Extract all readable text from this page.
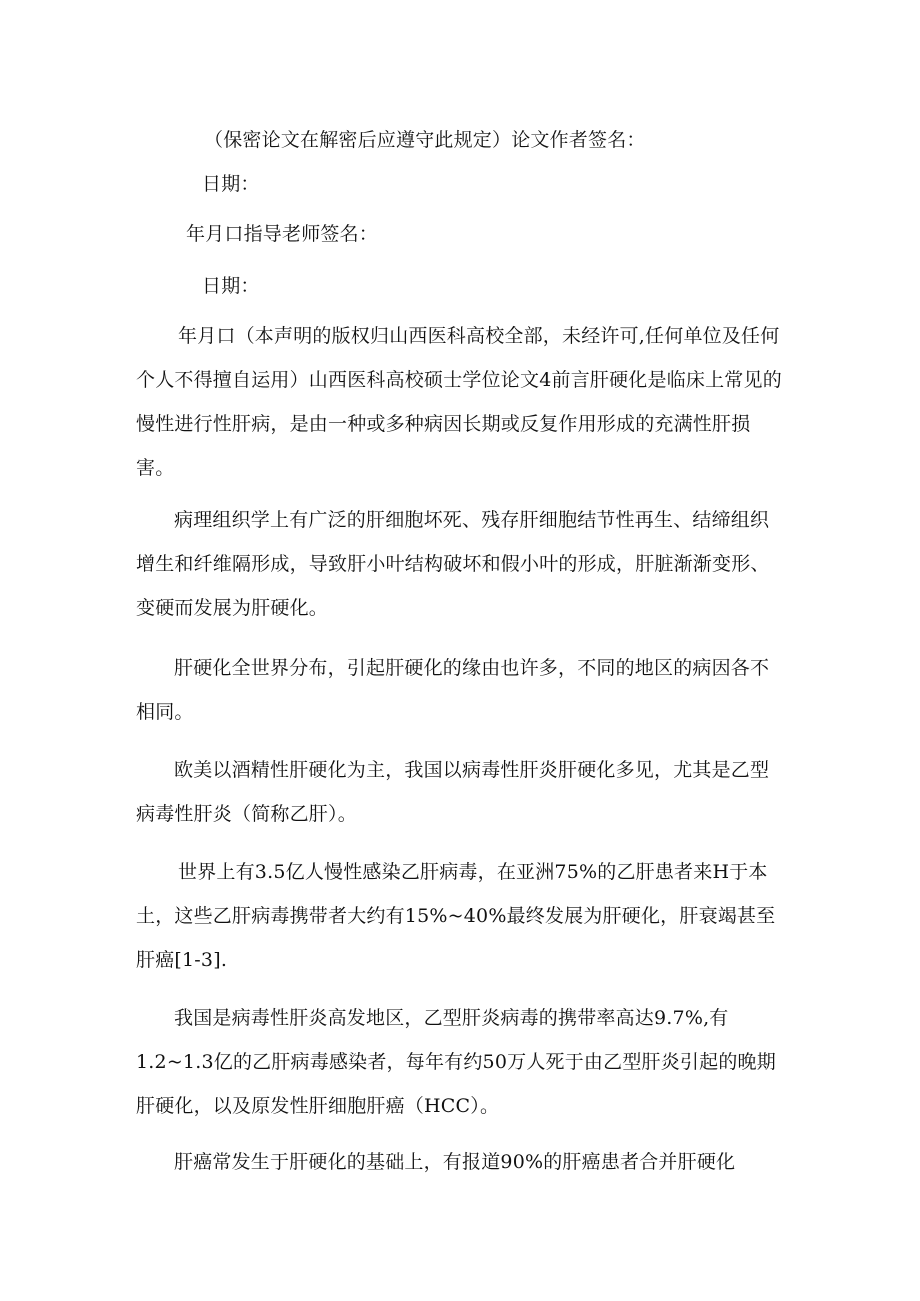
（保密论文在解密后应遵守此规定）论文作者签名：

日期：

年月口指导老师签名：

日期：

年月口（本声明的版权归山西医科高校全部，未经许可,任何单位及任何个人不得擅自运用）山西医科高校硕士学位论文4前言肝硬化是临床上常见的慢性进行性肝病，是由一种或多种病因长期或反复作用形成的充满性肝损害。

病理组织学上有广泛的肝细胞坏死、残存肝细胞结节性再生、结缔组织增生和纤维隔形成，导致肝小叶结构破坏和假小叶的形成，肝脏渐渐变形、变硬而发展为肝硬化。

肝硬化全世界分布，引起肝硬化的缘由也许多，不同的地区的病因各不相同。

欧美以酒精性肝硬化为主，我国以病毒性肝炎肝硬化多见，尤其是乙型病毒性肝炎（简称乙肝）。

世界上有3.5亿人慢性感染乙肝病毒，在亚洲75%的乙肝患者来H于本土，这些乙肝病毒携带者大约有15%~40%最终发展为肝硬化，肝衰竭甚至肝癌[1-3].

我国是病毒性肝炎高发地区，乙型肝炎病毒的携带率高达9.7%,有1.2~1.3亿的乙肝病毒感染者，每年有约50万人死于由乙型肝炎引起的晚期肝硬化，以及原发性肝细胞肝癌（HCC）。

肝癌常发生于肝硬化的基础上，有报道90%的肝癌患者合并肝硬化
